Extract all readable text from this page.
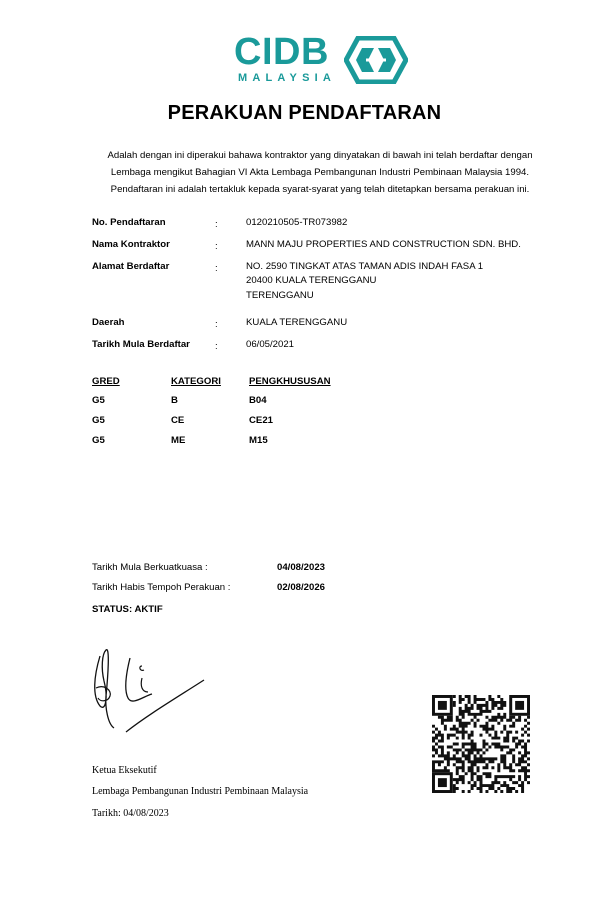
CIDB
MALAYSIA
PERAKUAN PENDAFTARAN
Adalah dengan ini diperakui bahawa kontraktor yang dinyatakan di bawah ini telah berdaftar dengan
Lembaga mengikut Bahagian VI Akta Lembaga Pembangunan Industri Pembinaan Malaysia 1994.
Pendaftaran ini adalah tertakluk kepada syarat-syarat yang telah ditetapkan bersama perakuan ini.
No. Pendaftaran	:	0120210505-TR073982
Nama Kontraktor	:	MANN MAJU PROPERTIES AND CONSTRUCTION SDN. BHD.
Alamat Berdaftar	:	NO. 2590 TINGKAT ATAS TAMAN ADIS INDAH FASA 1
20400 KUALA TERENGGANU
TERENGGANU
Daerah	:	KUALA TERENGGANU
Tarikh Mula Berdaftar	:	06/05/2021
GRED	KATEGORI	PENGKHUSUSAN
G5	B	B04
G5	CE	CE21
G5	ME	M15
Tarikh Mula Berkuatkuasa :	04/08/2023
Tarikh Habis Tempoh Perakuan :	02/08/2026
STATUS: AKTIF
Ketua Eksekutif
Lembaga Pembangunan Industri Pembinaan Malaysia
Tarikh: 04/08/2023
